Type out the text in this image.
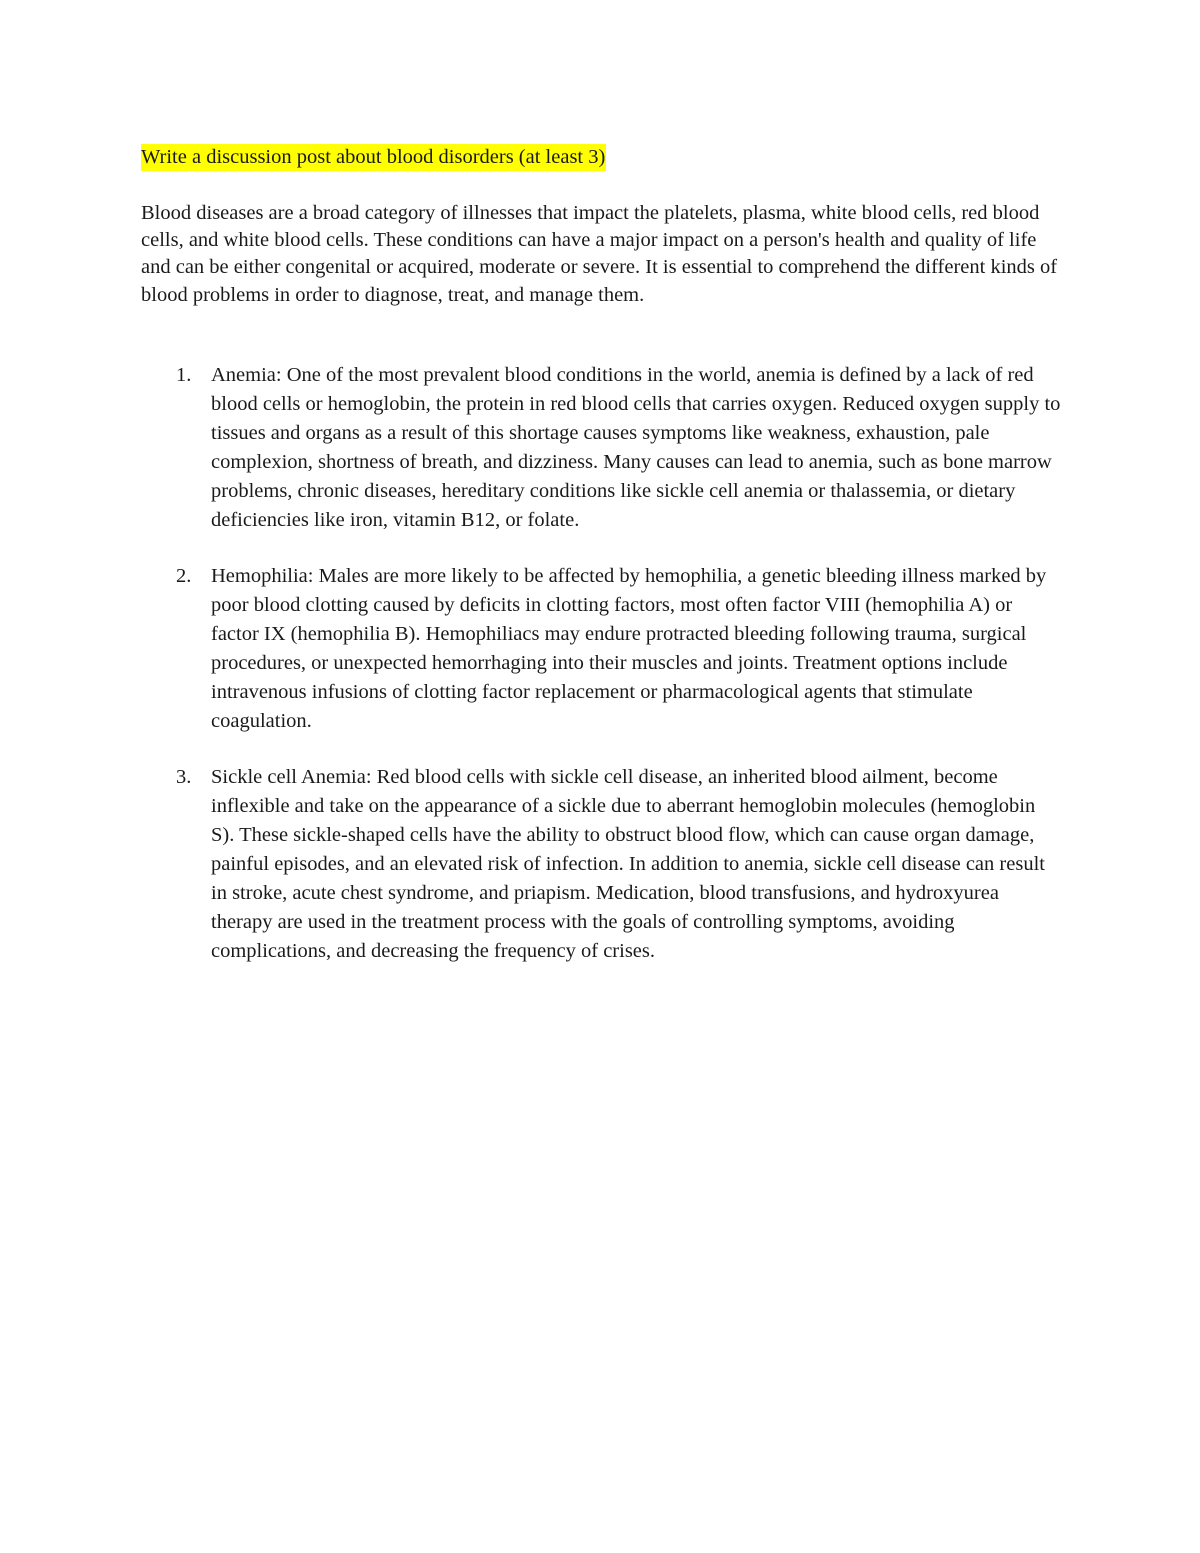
Write a discussion post about blood disorders (at least 3)

Blood diseases are a broad category of illnesses that impact the platelets, plasma, white blood cells, red blood cells, and white blood cells. These conditions can have a major impact on a person's health and quality of life and can be either congenital or acquired, moderate or severe. It is essential to comprehend the different kinds of blood problems in order to diagnose, treat, and manage them.

1. Anemia: One of the most prevalent blood conditions in the world, anemia is defined by a lack of red blood cells or hemoglobin, the protein in red blood cells that carries oxygen. Reduced oxygen supply to tissues and organs as a result of this shortage causes symptoms like weakness, exhaustion, pale complexion, shortness of breath, and dizziness. Many causes can lead to anemia, such as bone marrow problems, chronic diseases, hereditary conditions like sickle cell anemia or thalassemia, or dietary deficiencies like iron, vitamin B12, or folate.
2. Hemophilia: Males are more likely to be affected by hemophilia, a genetic bleeding illness marked by poor blood clotting caused by deficits in clotting factors, most often factor VIII (hemophilia A) or factor IX (hemophilia B). Hemophiliacs may endure protracted bleeding following trauma, surgical procedures, or unexpected hemorrhaging into their muscles and joints. Treatment options include intravenous infusions of clotting factor replacement or pharmacological agents that stimulate coagulation.
3. Sickle cell Anemia: Red blood cells with sickle cell disease, an inherited blood ailment, become inflexible and take on the appearance of a sickle due to aberrant hemoglobin molecules (hemoglobin S). These sickle-shaped cells have the ability to obstruct blood flow, which can cause organ damage, painful episodes, and an elevated risk of infection. In addition to anemia, sickle cell disease can result in stroke, acute chest syndrome, and priapism. Medication, blood transfusions, and hydroxyurea therapy are used in the treatment process with the goals of controlling symptoms, avoiding complications, and decreasing the frequency of crises.
